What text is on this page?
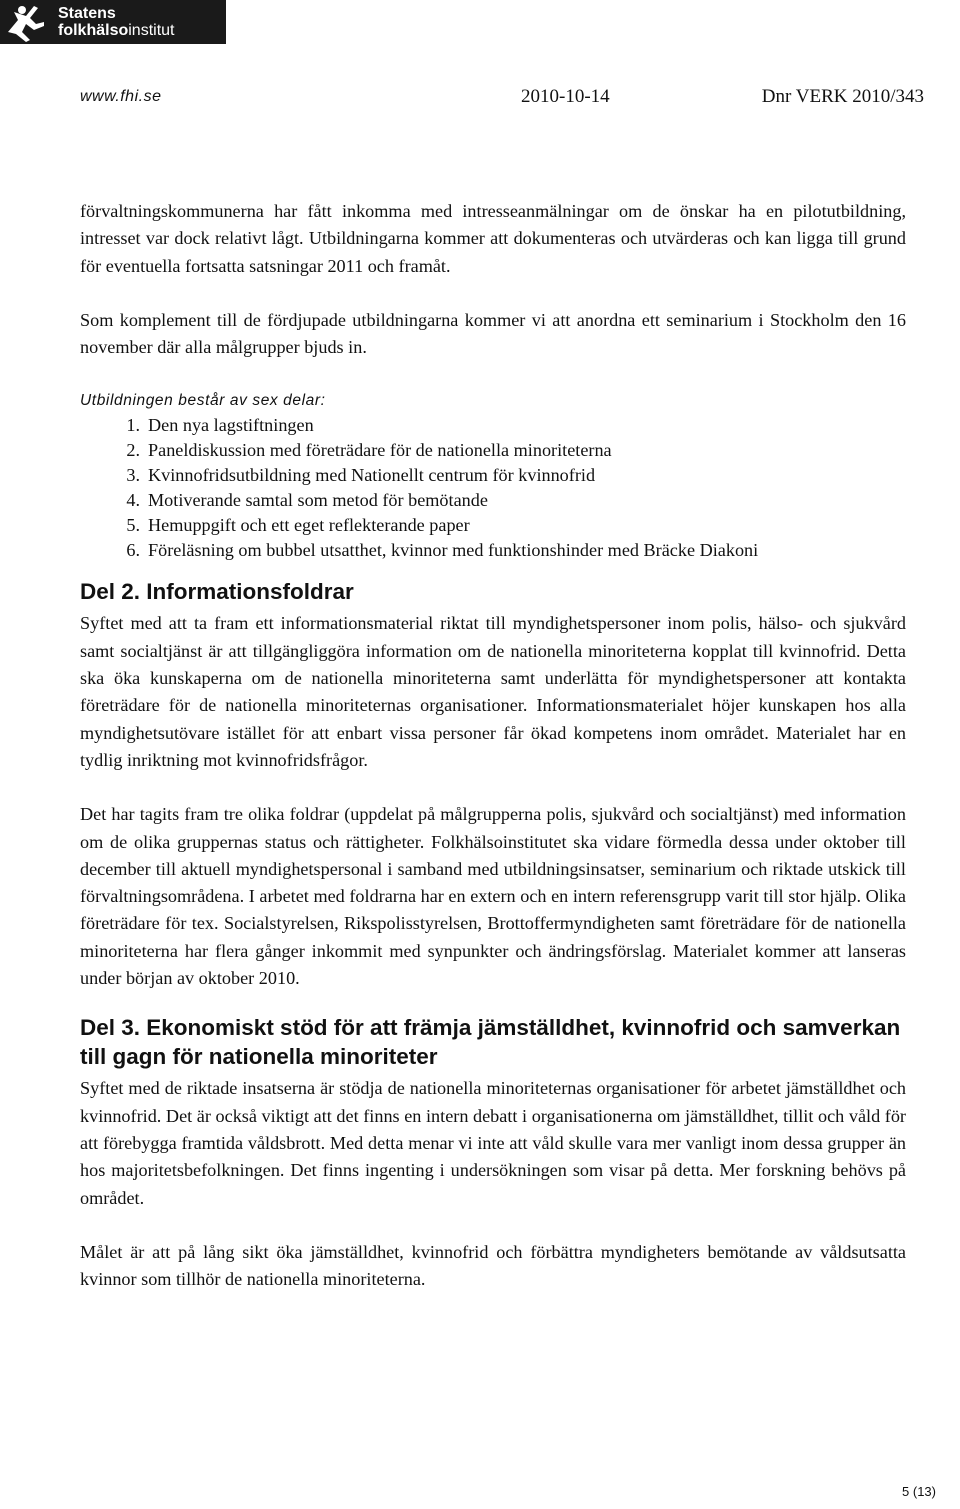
Statens
folkhälsoinstitut
www.fhi.se	2010-10-14	Dnr VERK 2010/343

förvaltningskommunerna har fått inkomma med intresseanmälningar om de önskar ha en pilotutbildning, intresset var dock relativt lågt. Utbildningarna kommer att dokumenteras och utvärderas och kan ligga till grund för eventuella fortsatta satsningar 2011 och framåt.

Som komplement till de fördjupade utbildningarna kommer vi att anordna ett seminarium i Stockholm den 16 november där alla målgrupper bjuds in.

Utbildningen består av sex delar:

1. Den nya lagstiftningen
2. Paneldiskussion med företrädare för de nationella minoriteterna
3. Kvinnofridsutbildning med Nationellt centrum för kvinnofrid
4. Motiverande samtal som metod för bemötande
5. Hemuppgift och ett eget reflekterande paper
6. Föreläsning om bubbel utsatthet, kvinnor med funktionshinder med Bräcke Diakoni
Del 2. Informationsfoldrar

Syftet med att ta fram ett informationsmaterial riktat till myndighetspersoner inom polis, hälso- och sjukvård samt socialtjänst är att tillgängliggöra information om de nationella minoriteterna kopplat till kvinnofrid. Detta ska öka kunskaperna om de nationella minoriteterna samt underlätta för myndighetspersoner att kontakta företrädare för de nationella minoriteternas organisationer. Informationsmaterialet höjer kunskapen hos alla myndighetsutövare istället för att enbart vissa personer får ökad kompetens inom området. Materialet har en tydlig inriktning mot kvinnofridsfrågor.

Det har tagits fram tre olika foldrar (uppdelat på målgrupperna polis, sjukvård och socialtjänst) med information om de olika gruppernas status och rättigheter. Folkhälsoinstitutet ska vidare förmedla dessa under oktober till december till aktuell myndighetspersonal i samband med utbildningsinsatser, seminarium och riktade utskick till förvaltningsområdena. I arbetet med foldrarna har en extern och en intern referensgrupp varit till stor hjälp. Olika företrädare för tex. Socialstyrelsen, Rikspolisstyrelsen, Brottoffermyndigheten samt företrädare för de nationella minoriteterna har flera gånger inkommit med synpunkter och ändringsförslag. Materialet kommer att lanseras under början av oktober 2010.

Del 3. Ekonomiskt stöd för att främja jämställdhet, kvinnofrid och samverkan till gagn för nationella minoriteter

Syftet med de riktade insatserna är stödja de nationella minoriteternas organisationer för arbetet jämställdhet och kvinnofrid. Det är också viktigt att det finns en intern debatt i organisationerna om jämställdhet, tillit och våld för att förebygga framtida våldsbrott. Med detta menar vi inte att våld skulle vara mer vanligt inom dessa grupper än hos majoritetsbefolkningen. Det finns ingenting i undersökningen som visar på detta. Mer forskning behövs på området.

Målet är att på lång sikt öka jämställdhet, kvinnofrid och förbättra myndigheters bemötande av våldsutsatta kvinnor som tillhör de nationella minoriteterna.

5 (13)
